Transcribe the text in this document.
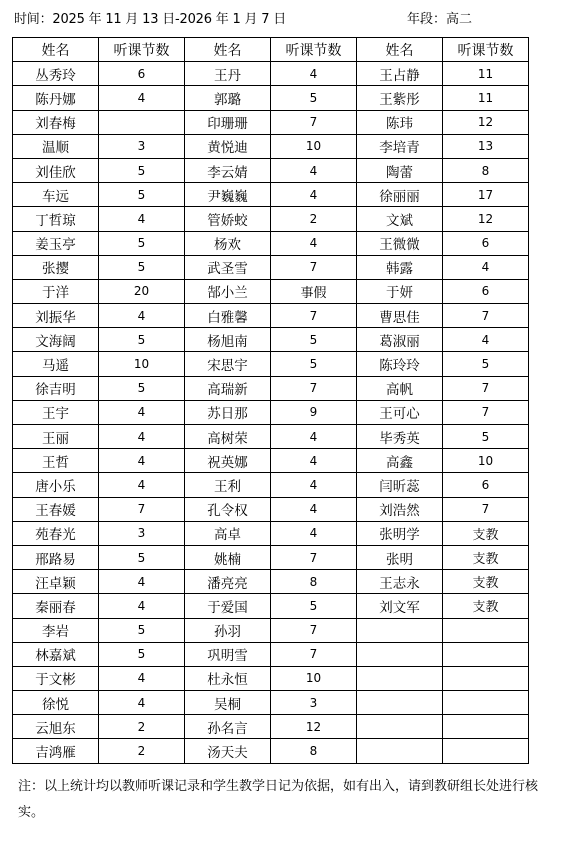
时间：2025 年 11 月 13 日-2026 年 1 月 7 日	年段：高二
姓名	听课节数	姓名	听课节数	姓名	听课节数
丛秀玲	6	王丹	4	王占静	11
陈丹娜	4	郭璐	5	王紫彤	11
刘春梅		印珊珊	7	陈玮	12
温顺	3	黄悦迪	10	李培青	13
刘佳欣	5	李云婧	4	陶蕾	8
车远	5	尹巍巍	4	徐丽丽	17
丁哲琼	4	管娇蛟	2	文斌	12
姜玉亭	5	杨欢	4	王微微	6
张撄	5	武圣雪	7	韩露	4
于洋	20	郜小兰	事假	于妍	6
刘振华	4	白雅馨	7	曹思佳	7
文海阔	5	杨旭南	5	葛淑丽	4
马遥	10	宋思宇	5	陈玲玲	5
徐吉明	5	高瑞新	7	高帆	7
王宇	4	苏日那	9	王可心	7
王丽	4	高树荣	4	毕秀英	5
王哲	4	祝英娜	4	高鑫	10
唐小乐	4	王利	4	闫昕蕊	6
王春媛	7	孔令权	4	刘浩然	7
苑春光	3	高卓	4	张明学	支教
邢路易	5	姚楠	7	张明	支教
汪卓颖	4	潘亮亮	8	王志永	支教
秦丽春	4	于爱国	5	刘文军	支教
李岩	5	孙羽	7		
林嘉斌	5	巩明雪	7		
于文彬	4	杜永恒	10		
徐悦	4	吴桐	3		
云旭东	2	孙名言	12		
吉鸿雁	2	汤天夫	8		
注：以上统计均以教师听课记录和学生教学日记为依据，如有出入，请到教研组长处进行核实。
